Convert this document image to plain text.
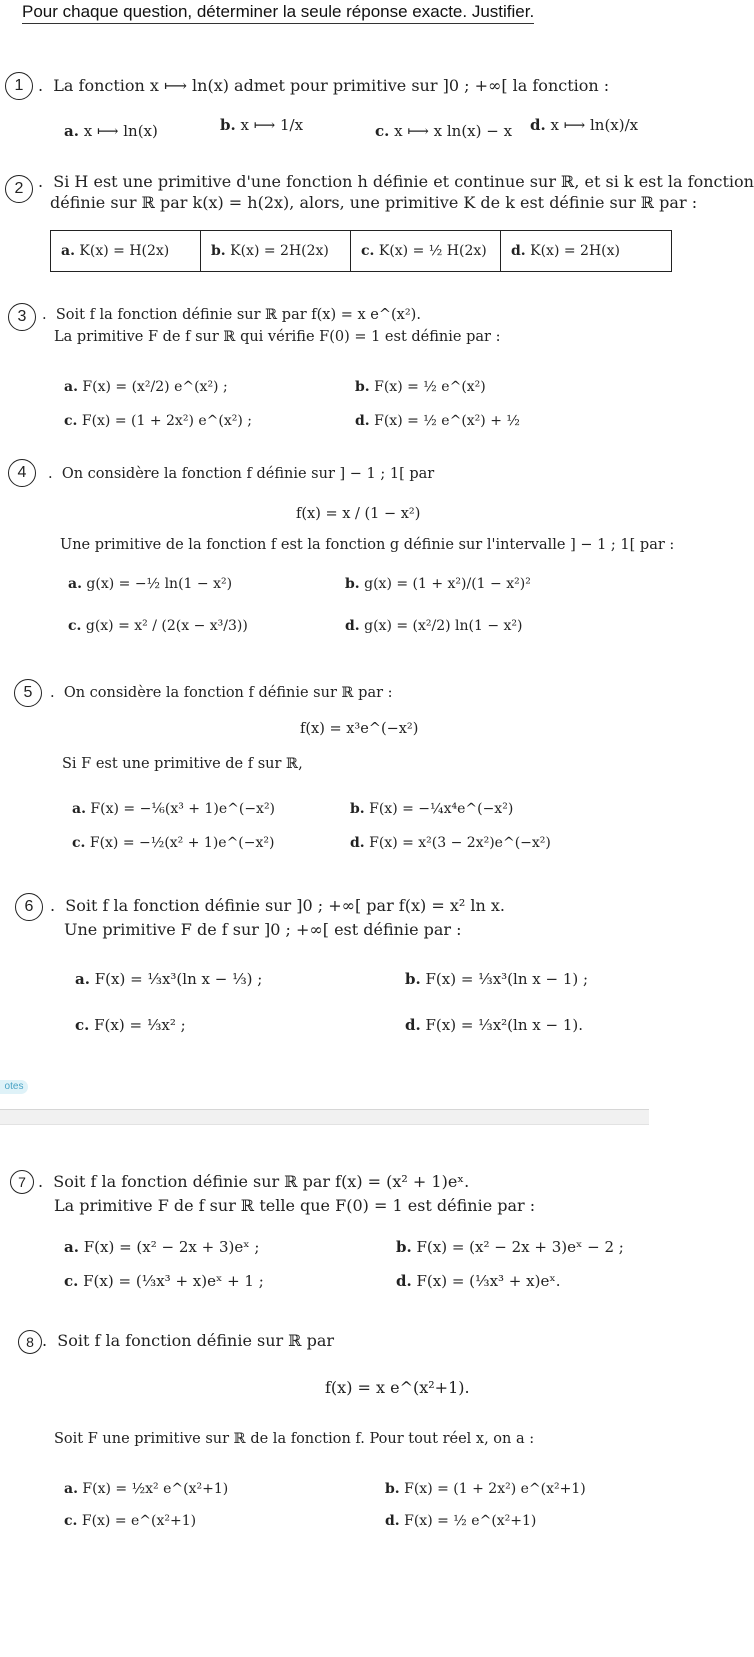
Pour chaque question, déterminer la seule réponse exacte. Justifier.
1 .  La fonction x ⟼ ln(x) admet pour primitive sur ]0 ; +∞[ la fonction :
a. x ⟼ ln(x)	b. x ⟼ 1/x	c. x ⟼ x ln(x) − x d. x ⟼ ln(x)/x
2 .  Si H est une primitive d'une fonction h définie et continue sur ℝ, et si k est la fonction
définie sur ℝ par k(x) = h(2x), alors, une primitive K de k est définie sur ℝ par :
a. K(x) = H(2x)	b. K(x) = 2H(2x)	c. K(x) = ½ H(2x)	d. K(x) = 2H(x)
3	.  Soit f la fonction définie sur ℝ par f(x) = x e^(x²).
La primitive F de f sur ℝ qui vérifie F(0) = 1 est définie par :
a. F(x) = (x²/2) e^(x²) ;	b. F(x) = ½ e^(x²)
c. F(x) = (1 + 2x²) e^(x²) ;	d. F(x) = ½ e^(x²) + ½
4	.  On considère la fonction f définie sur ] − 1 ; 1[ par
f(x) = x / (1 − x²)
Une primitive de la fonction f est la fonction g définie sur l'intervalle ] − 1 ; 1[ par :
a. g(x) = −½ ln(1 − x²)	b. g(x) = (1 + x²)/(1 − x²)²
c. g(x) = x² / (2(x − x³/3))	d. g(x) = (x²/2) ln(1 − x²)
5	.  On considère la fonction f définie sur ℝ par :
f(x) = x³e^(−x²)
Si F est une primitive de f sur ℝ,
a. F(x) = −⅙(x³ + 1)e^(−x²)	b. F(x) = −¼x⁴e^(−x²)
c. F(x) = −½(x² + 1)e^(−x²)	d. F(x) = x²(3 − 2x²)e^(−x²)
6	.  Soit f la fonction définie sur ]0 ; +∞[ par f(x) = x² ln x.
Une primitive F de f sur ]0 ; +∞[ est définie par :
a. F(x) = ⅓x³(ln x − ⅓) ;	b. F(x) = ⅓x³(ln x − 1) ;
c. F(x) = ⅓x² ;	d. F(x) = ⅓x²(ln x − 1).
otes
7 .  Soit f la fonction définie sur ℝ par f(x) = (x² + 1)eˣ.
La primitive F de f sur ℝ telle que F(0) = 1 est définie par :
a. F(x) = (x² − 2x + 3)eˣ ;	b. F(x) = (x² − 2x + 3)eˣ − 2 ;
c. F(x) = (⅓x³ + x)eˣ + 1 ;	d. F(x) = (⅓x³ + x)eˣ.
8 .  Soit f la fonction définie sur ℝ par
f(x) = x e^(x²+1).
Soit F une primitive sur ℝ de la fonction f. Pour tout réel x, on a :
a. F(x) = ½x² e^(x²+1)	b. F(x) = (1 + 2x²) e^(x²+1)
c. F(x) = e^(x²+1)	d. F(x) = ½ e^(x²+1)
